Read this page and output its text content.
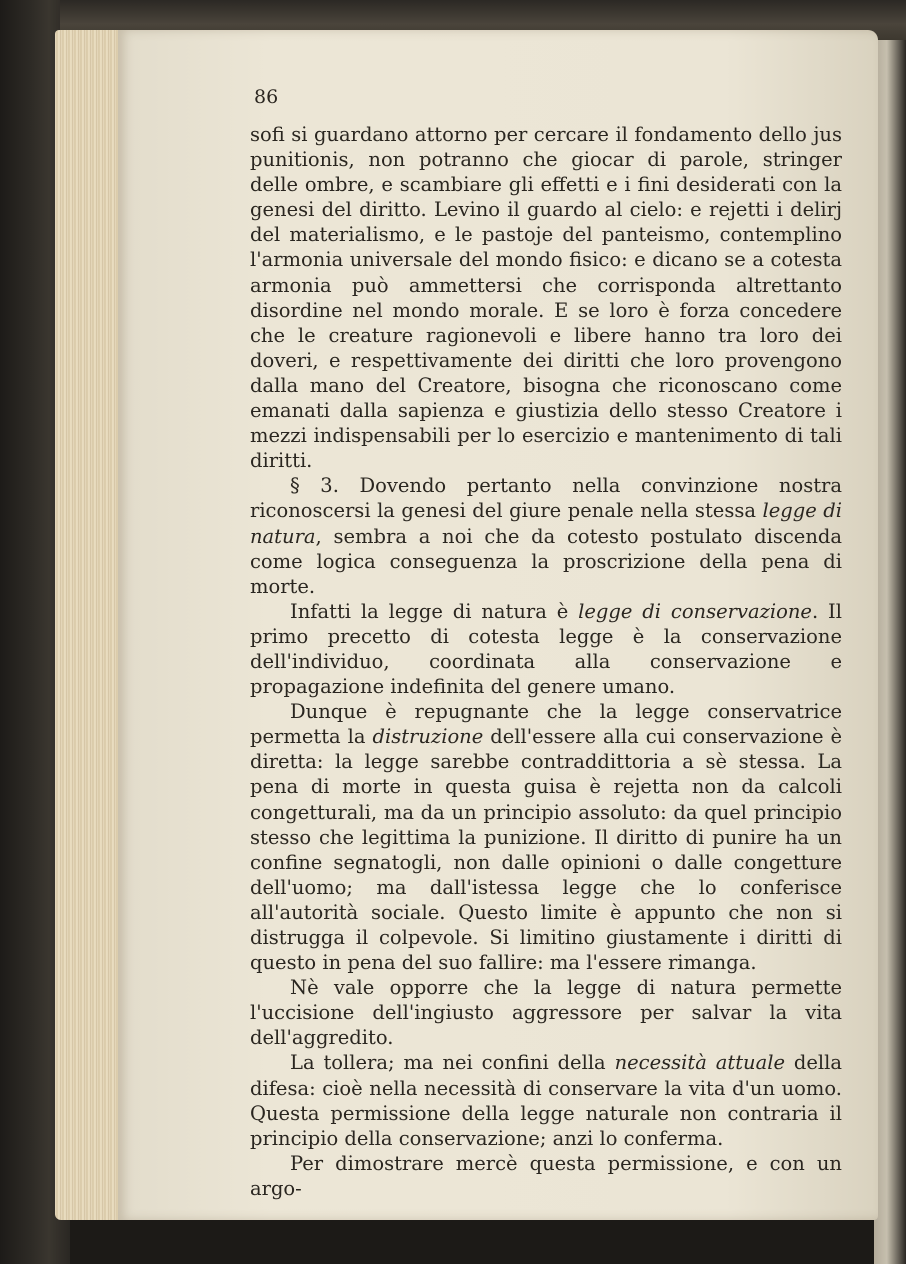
86

sofi si guardano attorno per cercare il fondamento dello jus punitionis, non potranno che giocar di parole, stringer delle ombre, e scambiare gli effetti e i fini desiderati con la genesi del diritto. Levino il guardo al cielo: e rejetti i delirj del materialismo, e le pastoje del panteismo, contemplino l'armonia universale del mondo fisico: e dicano se a cotesta armonia può ammettersi che corrisponda altrettanto disordine nel mondo morale. E se loro è forza concedere che le creature ragionevoli e libere hanno tra loro dei doveri, e respettivamente dei diritti che loro provengono dalla mano del Creatore, bisogna che riconoscano come emanati dalla sapienza e giustizia dello stesso Creatore i mezzi indispensabili per lo esercizio e mantenimento di tali diritti.

§ 3. Dovendo pertanto nella convinzione nostra riconoscersi la genesi del giure penale nella stessa legge di natura, sembra a noi che da cotesto postulato discenda come logica conseguenza la proscrizione della pena di morte.

Infatti la legge di natura è legge di conservazione. Il primo precetto di cotesta legge è la conservazione dell'individuo, coordinata alla conservazione e propagazione indefinita del genere umano.

Dunque è repugnante che la legge conservatrice permetta la distruzione dell'essere alla cui conservazione è diretta: la legge sarebbe contraddittoria a sè stessa. La pena di morte in questa guisa è rejetta non da calcoli congetturali, ma da un principio assoluto: da quel principio stesso che legittima la punizione. Il diritto di punire ha un confine segnatogli, non dalle opinioni o dalle congetture dell'uomo; ma dall'istessa legge che lo conferisce all'autorità sociale. Questo limite è appunto che non si distrugga il colpevole. Si limitino giustamente i diritti di questo in pena del suo fallire: ma l'essere rimanga.

Nè vale opporre che la legge di natura permette l'uccisione dell'ingiusto aggressore per salvar la vita dell'aggredito.

La tollera; ma nei confini della necessità attuale della difesa: cioè nella necessità di conservare la vita d'un uomo. Questa permissione della legge naturale non contraria il principio della conservazione; anzi lo conferma.

Per dimostrare mercè questa permissione, e con un argo-
